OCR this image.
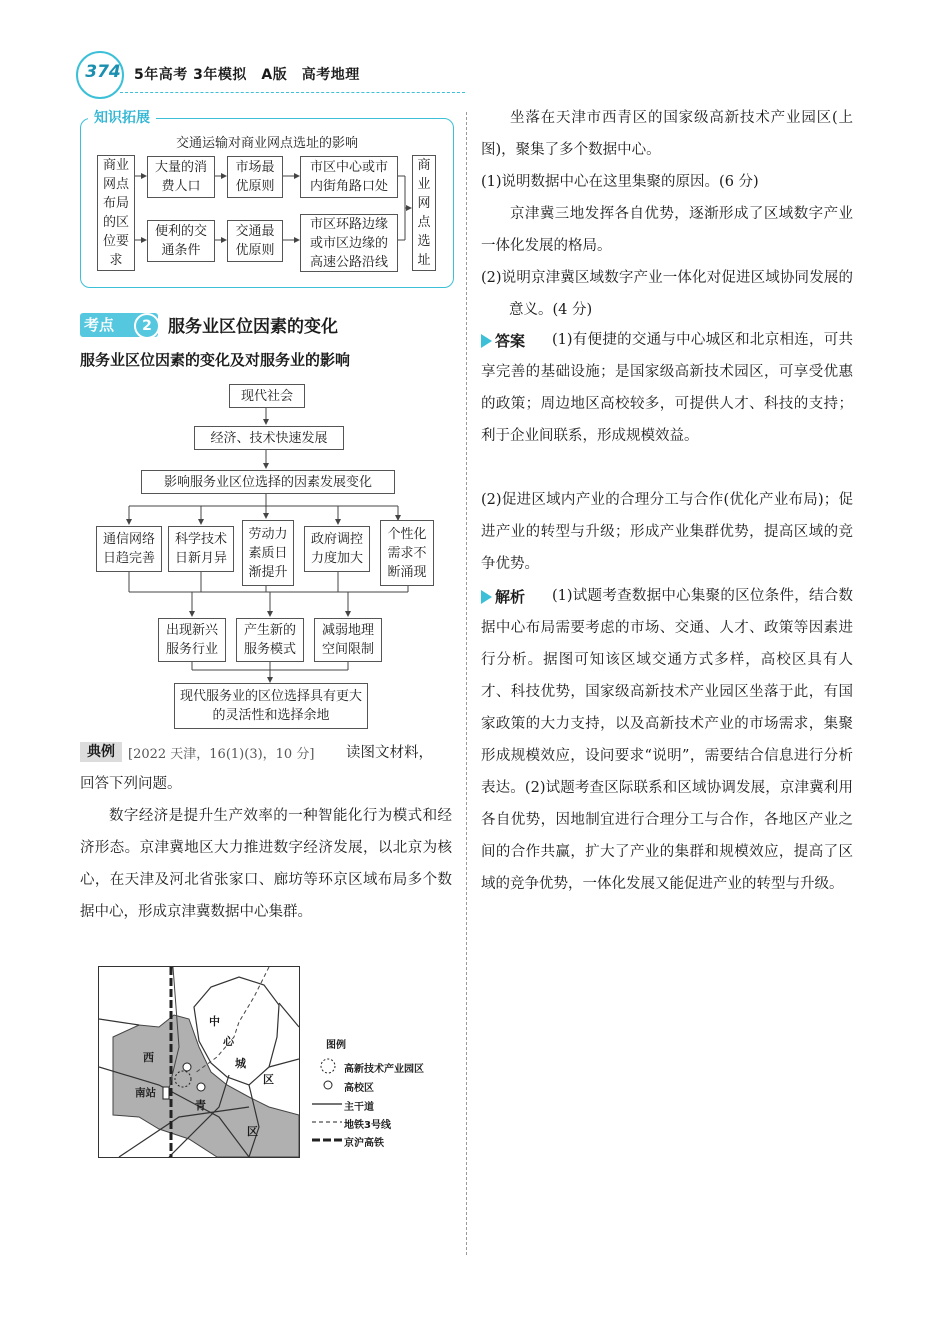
374 5年高考 3年模拟　A版　高考地理
知识拓展
交通运输对商业网点选址的影响
商业网点布局的区位要求
大量的消费人口
市场最优原则
市区中心或市内街角路口处
便利的交通条件
交通最优原则
市区环路边缘或市区边缘的高速公路沿线
商业网点选址
考点	2 服务业区位因素的变化
服务业区位因素的变化及对服务业的影响
现代社会
经济、技术快速发展
影响服务业区位选择的因素发展变化
通信网络日趋完善
科学技术日新月异
劳动力素质日渐提升
政府调控力度加大
个性化需求不断涌现
出现新兴服务行业
产生新的服务模式
减弱地理空间限制
现代服务业的区位选择具有更大的灵活性和选择余地
典例	[2022 天津，16(1)(3)，10 分] 读图文材料，
回答下列问题。
数字经济是提升生产效率的一种智能化行为模式和经济形态。京津冀地区大力推进数字经济发展，以北京为核心，在天津及河北省张家口、廊坊等环京区域布局多个数据中心，形成京津冀数据中心集群。
西
青
区
中
心
城
区
南站
图例
高新技术产业园区
高校区
主干道
地铁3号线
京沪高铁
坐落在天津市西青区的国家级高新技术产业园区(上图)，聚集了多个数据中心。
(1)说明数据中心在这里集聚的原因。(6 分)
京津冀三地发挥各自优势，逐渐形成了区域数字产业一体化发展的格局。
(2)说明京津冀区域数字产业一体化对促进区域协同发展的意义。(4 分)
答案	(1)有便捷的交通与中心城区和北京相连，可共享完善的基础设施；是国家级高新技术园区，可享受优惠的政策；周边地区高校较多，可提供人才、科技的支持；利于企业间联系，形成规模效益。
(2)促进区域内产业的合理分工与合作(优化产业布局)；促进产业的转型与升级；形成产业集群优势，提高区域的竞争优势。
解析	(1)试题考查数据中心集聚的区位条件，结合数据中心布局需要考虑的市场、交通、人才、政策等因素进行分析。据图可知该区域交通方式多样，高校区具有人才、科技优势，国家级高新技术产业园区坐落于此，有国家政策的大力支持，以及高新技术产业的市场需求，集聚形成规模效应，设问要求“说明”，需要结合信息进行分析表达。(2)试题考查区际联系和区域协调发展，京津冀利用各自优势，因地制宜进行合理分工与合作，各地区产业之间的合作共赢，扩大了产业的集群和规模效应，提高了区域的竞争优势，一体化发展又能促进产业的转型与升级。
